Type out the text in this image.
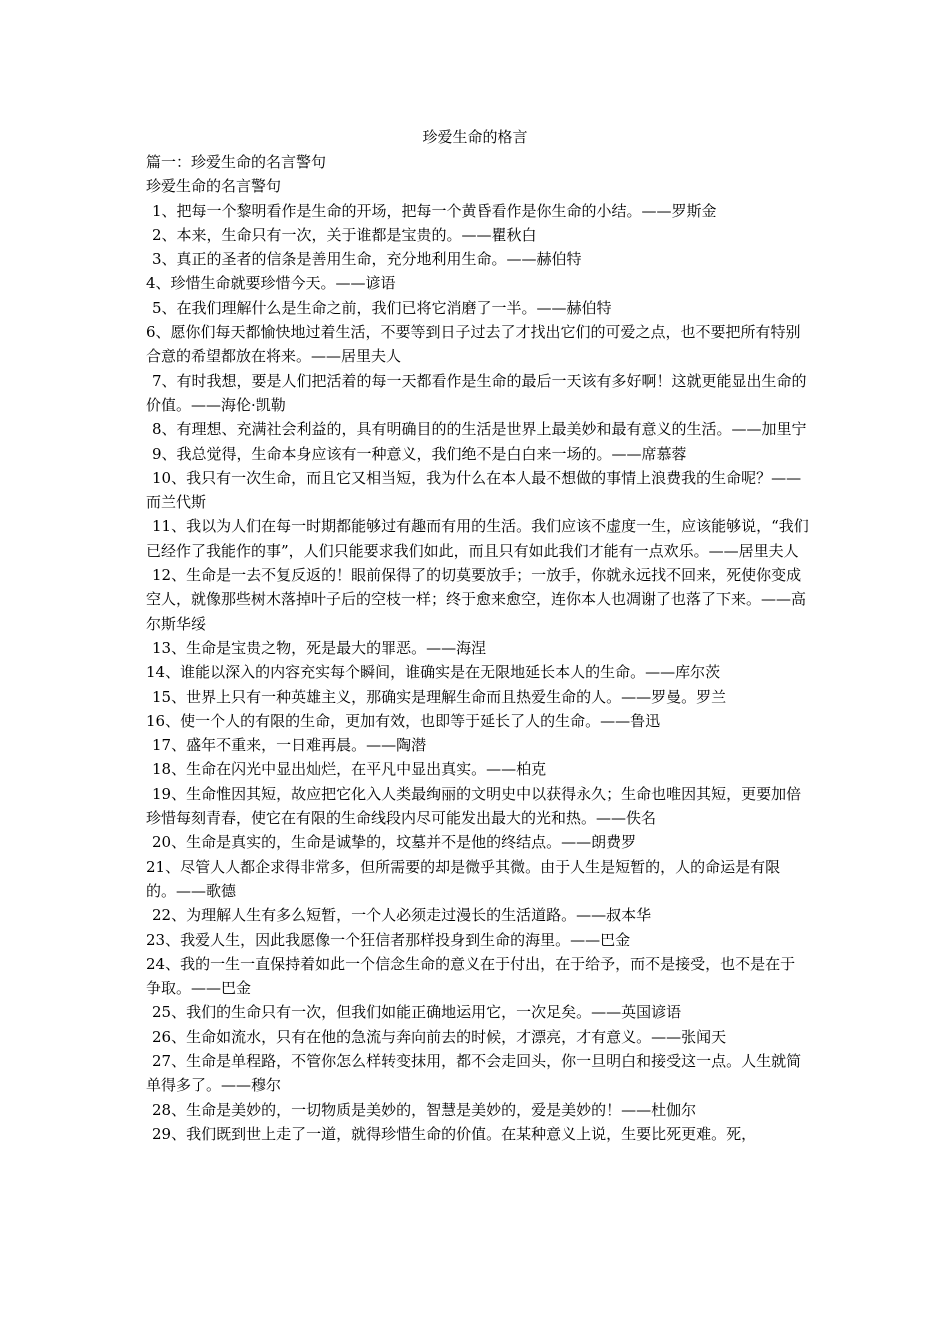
珍爱生命的格言

篇一：珍爱生命的名言警句

珍爱生命的名言警句

1、把每一个黎明看作是生命的开场，把每一个黄昏看作是你生命的小结。——罗斯金

2、本来，生命只有一次，关于谁都是宝贵的。——瞿秋白

3、真正的圣者的信条是善用生命，充分地利用生命。——赫伯特

4、珍惜生命就要珍惜今天。——谚语

5、在我们理解什么是生命之前，我们已将它消磨了一半。——赫伯特

6、愿你们每天都愉快地过着生活，不要等到日子过去了才找出它们的可爱之点，也不要把所有特别合意的希望都放在将来。——居里夫人

7、有时我想，要是人们把活着的每一天都看作是生命的最后一天该有多好啊！这就更能显出生命的价值。——海伦·凯勒

8、有理想、充满社会利益的，具有明确目的的生活是世界上最美妙和最有意义的生活。——加里宁

9、我总觉得，生命本身应该有一种意义，我们绝不是白白来一场的。——席慕蓉

10、我只有一次生命，而且它又相当短，我为什么在本人最不想做的事情上浪费我的生命呢？——而兰代斯

11、我以为人们在每一时期都能够过有趣而有用的生活。我们应该不虚度一生，应该能够说，“我们已经作了我能作的事”，人们只能要求我们如此，而且只有如此我们才能有一点欢乐。——居里夫人

12、生命是一去不复反返的！眼前保得了的切莫要放手；一放手，你就永远找不回来，死使你变成空人，就像那些树木落掉叶子后的空枝一样；终于愈来愈空，连你本人也凋谢了也落了下来。——高尔斯华绥

13、生命是宝贵之物，死是最大的罪恶。——海涅

14、谁能以深入的内容充实每个瞬间，谁确实是在无限地延长本人的生命。——库尔茨

15、世界上只有一种英雄主义，那确实是理解生命而且热爱生命的人。——罗曼。罗兰

16、使一个人的有限的生命，更加有效，也即等于延长了人的生命。——鲁迅

17、盛年不重来，一日难再晨。——陶潜

18、生命在闪光中显出灿烂，在平凡中显出真实。——柏克

19、生命惟因其短，故应把它化入人类最绚丽的文明史中以获得永久；生命也唯因其短，更要加倍珍惜每刻青春，使它在有限的生命线段内尽可能发出最大的光和热。——佚名

20、生命是真实的，生命是诚挚的，坟墓并不是他的终结点。——朗费罗

21、尽管人人都企求得非常多，但所需要的却是微乎其微。由于人生是短暂的，人的命运是有限的。——歌德

22、为理解人生有多么短暂，一个人必须走过漫长的生活道路。——叔本华

23、我爱人生，因此我愿像一个狂信者那样投身到生命的海里。——巴金

24、我的一生一直保持着如此一个信念生命的意义在于付出，在于给予，而不是接受，也不是在于争取。——巴金

25、我们的生命只有一次，但我们如能正确地运用它，一次足矣。——英国谚语

26、生命如流水，只有在他的急流与奔向前去的时候，才漂亮，才有意义。——张闻天

27、生命是单程路，不管你怎么样转变抹用，都不会走回头，你一旦明白和接受这一点。人生就简单得多了。——穆尔

28、生命是美妙的，一切物质是美妙的，智慧是美妙的，爱是美妙的！——杜伽尔

29、我们既到世上走了一道，就得珍惜生命的价值。在某种意义上说，生要比死更难。死，
